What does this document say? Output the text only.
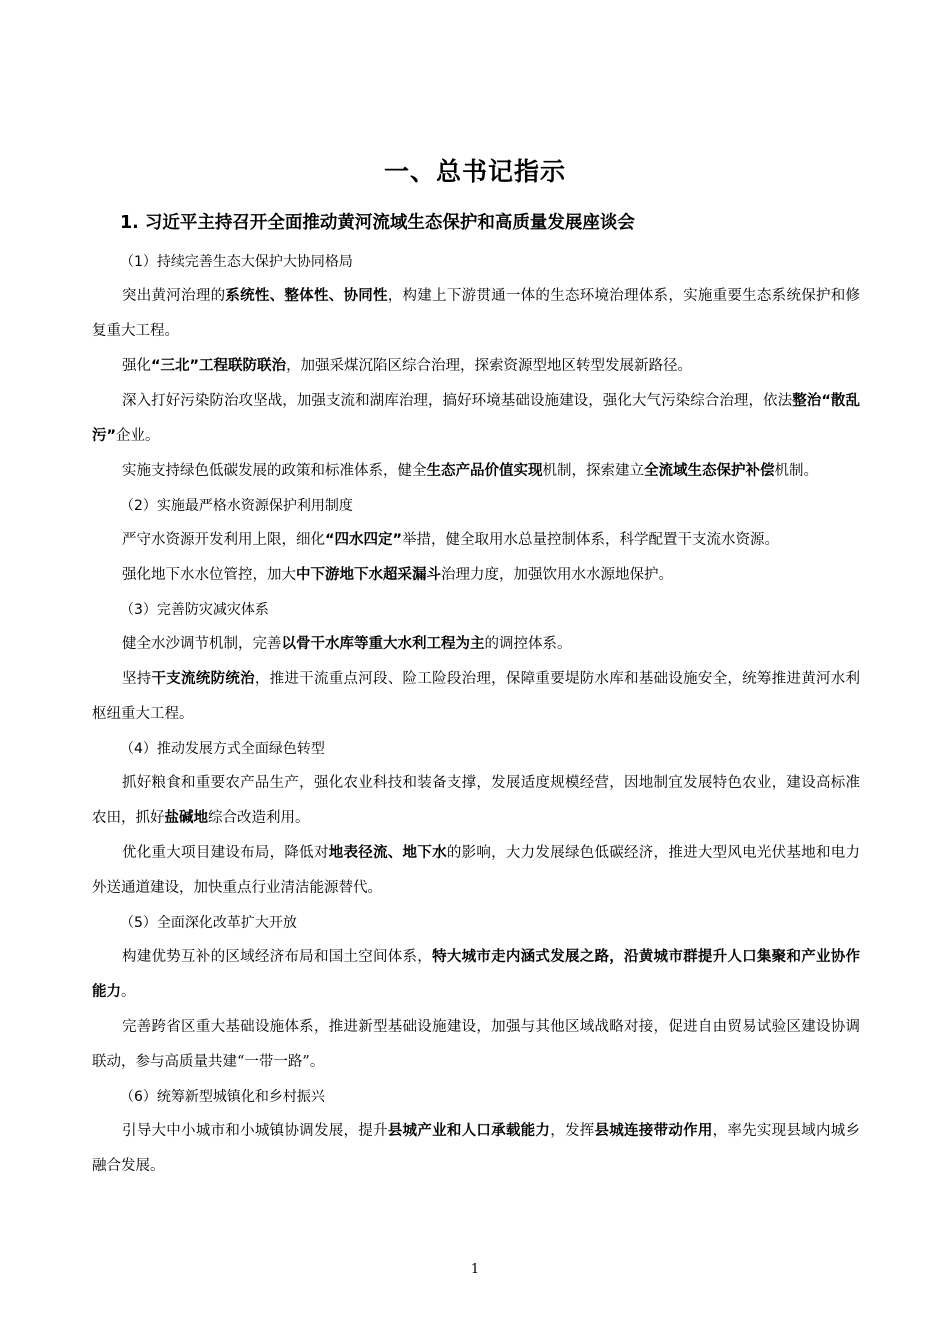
一、总书记指示
1. 习近平主持召开全面推动黄河流域生态保护和高质量发展座谈会
（1）持续完善生态大保护大协同格局

突出黄河治理的系统性、整体性、协同性，构建上下游贯通一体的生态环境治理体系，实施重要生态系统保护和修复重大工程。

强化“三北”工程联防联治，加强采煤沉陷区综合治理，探索资源型地区转型发展新路径。

深入打好污染防治攻坚战，加强支流和湖库治理，搞好环境基础设施建设，强化大气污染综合治理，依法整治“散乱污”企业。

实施支持绿色低碳发展的政策和标准体系，健全生态产品价值实现机制，探索建立全流域生态保护补偿机制。

（2）实施最严格水资源保护利用制度

严守水资源开发利用上限，细化“四水四定”举措，健全取用水总量控制体系，科学配置干支流水资源。

强化地下水水位管控，加大中下游地下水超采漏斗治理力度，加强饮用水水源地保护。

（3）完善防灾减灾体系

健全水沙调节机制，完善以骨干水库等重大水利工程为主的调控体系。

坚持干支流统防统治，推进干流重点河段、险工险段治理，保障重要堤防水库和基础设施安全，统筹推进黄河水利枢纽重大工程。

（4）推动发展方式全面绿色转型

抓好粮食和重要农产品生产，强化农业科技和装备支撑，发展适度规模经营，因地制宜发展特色农业，建设高标准农田，抓好盐碱地综合改造利用。

优化重大项目建设布局，降低对地表径流、地下水的影响，大力发展绿色低碳经济，推进大型风电光伏基地和电力外送通道建设，加快重点行业清洁能源替代。

（5）全面深化改革扩大开放

构建优势互补的区域经济布局和国土空间体系，特大城市走内涵式发展之路，沿黄城市群提升人口集聚和产业协作能力。

完善跨省区重大基础设施体系，推进新型基础设施建设，加强与其他区域战略对接，促进自由贸易试验区建设协调联动，参与高质量共建“一带一路”。

（6）统筹新型城镇化和乡村振兴

引导大中小城市和小城镇协调发展，提升县城产业和人口承载能力，发挥县城连接带动作用，率先实现县域内城乡融合发展。

1
